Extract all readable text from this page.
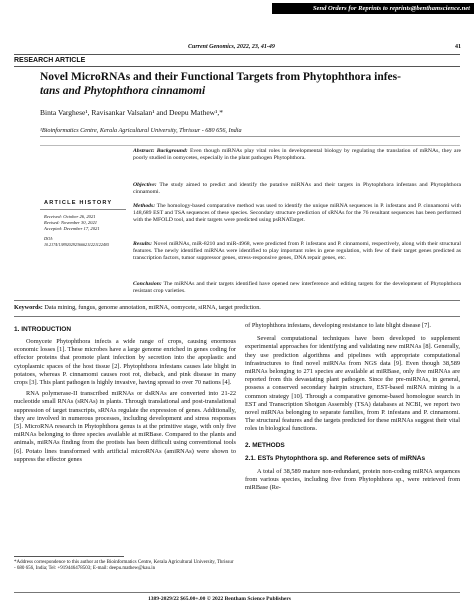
Send Orders for Reprints to reprints@benthamscience.net
Current Genomics, 2022, 23, 41-49	41
RESEARCH ARTICLE
Novel MicroRNAs and their Functional Targets from Phytophthora infes-
tans and Phytophthora cinnamomi
Binta Varghese¹, Ravisankar Valsalan¹ and Deepu Mathew¹,*
¹Bioinformatics Centre, Kerala Agricultural University, Thrissur - 680 656, India
Abstract: Background: Even though miRNAs play vital roles in developmental biology by regulating the translation of mRNAs, they are poorly studied in oomycetes, especially in the plant pathogen Phytophthora.
Objective: The study aimed to predict and identify the putative miRNAs and their targets in Phytophthora infestans and Phytophthora cinnamomi.
Methods: The homology-based comparative method was used to identify the unique miRNA sequences in P. infestans and P. cinnamomi with 148,689 EST and TSA sequences of these species. Secondary structure prediction of sRNAs for the 76 resultant sequences has been performed with the MFOLD tool, and their targets were predicted using psRNATarget.
Results: Novel miRNAs, miR-8210 and miR-4968, were predicted from P. infestans and P. cinnamomi, respectively, along with their structural features. The newly identified miRNAs were identified to play important roles in gene regulation, with few of their target genes predicted as transcription factors, tumor suppressor genes, stress-responsive genes, DNA repair genes, etc.
Conclusion: The miRNAs and their targets identified have opened new interference and editing targets for the development of Phytophthora resistant crop varieties.
ARTICLE HISTORY
Received: October 26, 2021
Revised: November 30, 2021
Accepted: December 17, 2021
DOI:
10.2174/1389202923666211221122405
Keywords: Data mining, fungus, genome annotation, miRNA, oomycete, siRNA, target prediction.
1. INTRODUCTION

Oomycete Phytophthora infects a wide range of crops, causing enormous economic losses [1]. These microbes have a large genome enriched in genes coding for effector proteins that promote plant infection by secretion into the apoplastic and cytoplasmic spaces of the host tissue [2]. Phytophthora infestans causes late blight in potatoes, whereas P. cinnamomi causes root rot, dieback, and pink disease in many crops [3]. This plant pathogen is highly invasive, having spread to over 70 nations [4].

RNA polymerase-II transcribed miRNAs or dsRNAs are converted into 21-22 nucleotide small RNAs (sRNAs) in plants. Through translational and post-translational suppression of target transcripts, sRNAs regulate the expression of genes. Additionally, they are involved in numerous processes, including development and stress responses [5]. MicroRNA research in Phytophthora genus is at the primitive stage, with only five miRNAs belonging to three species available at miRBase. Compared to the plants and animals, miRNAs finding from the protists has been difficult using conventional tools [6]. Potato lines transformed with artificial microRNAs (amiRNAs) were shown to suppress the effector genes

of Phytophthora infestans, developing resistance to late blight disease [7].

Several computational techniques have been developed to supplement experimental approaches for identifying and validating new miRNAs [8]. Generally, they use prediction algorithms and pipelines with appropriate computational infrastructures to find novel miRNAs from NGS data [9]. Even though 38,589 miRNAs belonging to 271 species are available at miRBase, only five miRNAs are reported from this devastating plant pathogen. Since the pre-miRNAs, in general, possess a conserved secondary hairpin structure, EST-based miRNA mining is a common strategy [10]. Through a comparative genome-based homologue search in EST and Transcription Shotgun Assembly (TSA) databases at NCBI, we report two novel miRNAs belonging to separate families, from P. infestans and P. cinnamomi. The structural features and the targets predicted for these miRNAs suggest their vital roles in biological functions.

2. METHODS
2.1. ESTs Phytophthora sp. and Reference sets of miRNAs

A total of 38,589 mature non-redundant, protein non-coding miRNA sequences from various species, including five from Phytophthora sp., were retrieved from miRBase (Re-

*Address correspondence to this author at the Bioinformatics Centre, Kerala Agricultural University, Thrissur - 680 656, India; Tel: +919446478503; E-mail: deepu.mathew@kau.in
1389-2029/22 $65.00+.00 © 2022 Bentham Science Publishers
